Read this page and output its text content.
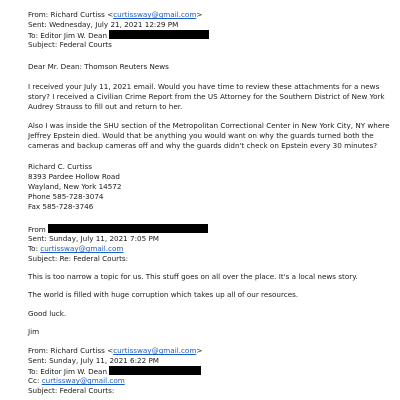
From: Richard Curtiss <curtissway@gmail.com>
Sent: Wednesday, July 21, 2021 12:29 PM
To: Editor Jim W. Dean
Subject: Federal Courts
Dear Mr. Dean: Thomson Reuters News
I received your July 11, 2021 email. Would you have time to review these attachments for a news story? I received a Civilian Crime Report from the US Attorney for the Southern District of New York Audrey Strauss to fill out and return to her.
Also I was inside the SHU section of the Metropolitan Correctional Center in New York City, NY where Jeffrey Epstein died. Would that be anything you would want on why the guards turned both the cameras and backup cameras off and why the guards didn't check on Epstein every 30 minutes?
Richard C. Curtiss
8393 Pardee Hollow Road
Wayland, New York 14572
Phone 585-728-3074
Fax 585-728-3746
From
Sent: Sunday, July 11, 2021 7:05 PM
To: curtissway@gmail.com
Subject: Re: Federal Courts:
This is too narrow a topic for us. This stuff goes on all over the place. It's a local news story.
The world is filled with huge corruption which takes up all of our resources.
Good luck.
Jim
From: Richard Curtiss <curtissway@gmail.com>
Sent: Sunday, July 11, 2021 6:22 PM
To: Editor Jim W. Dean
Cc: curtissway@gmail.com
Subject: Federal Courts:
